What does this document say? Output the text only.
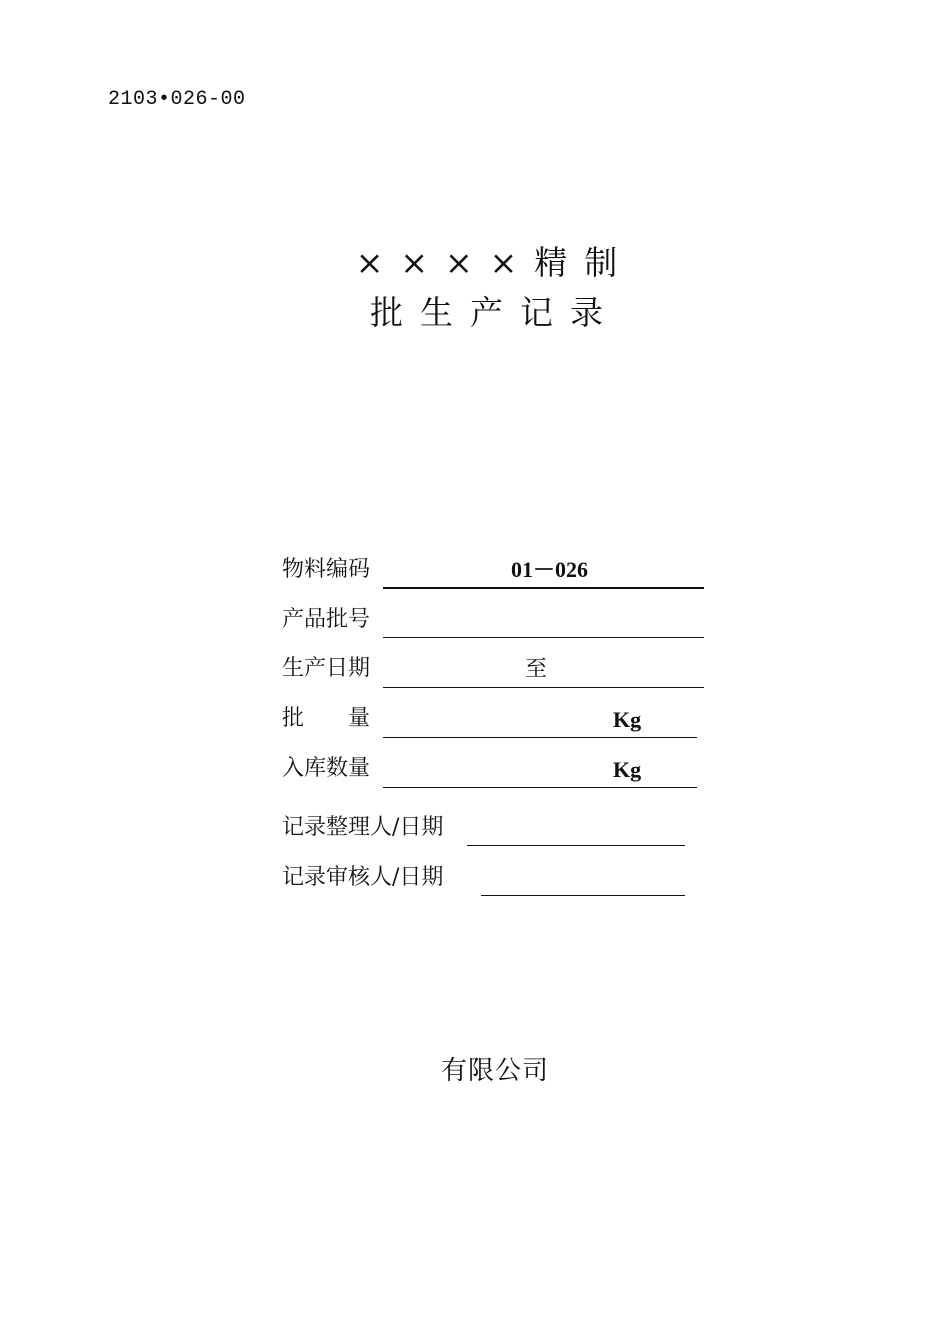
2103•026-00
××××精制
批生产记录
物料编码	01－026
产品批号
生产日期	至
批　　量	Kg
入库数量	Kg
记录整理人/日期
记录审核人/日期
有限公司
